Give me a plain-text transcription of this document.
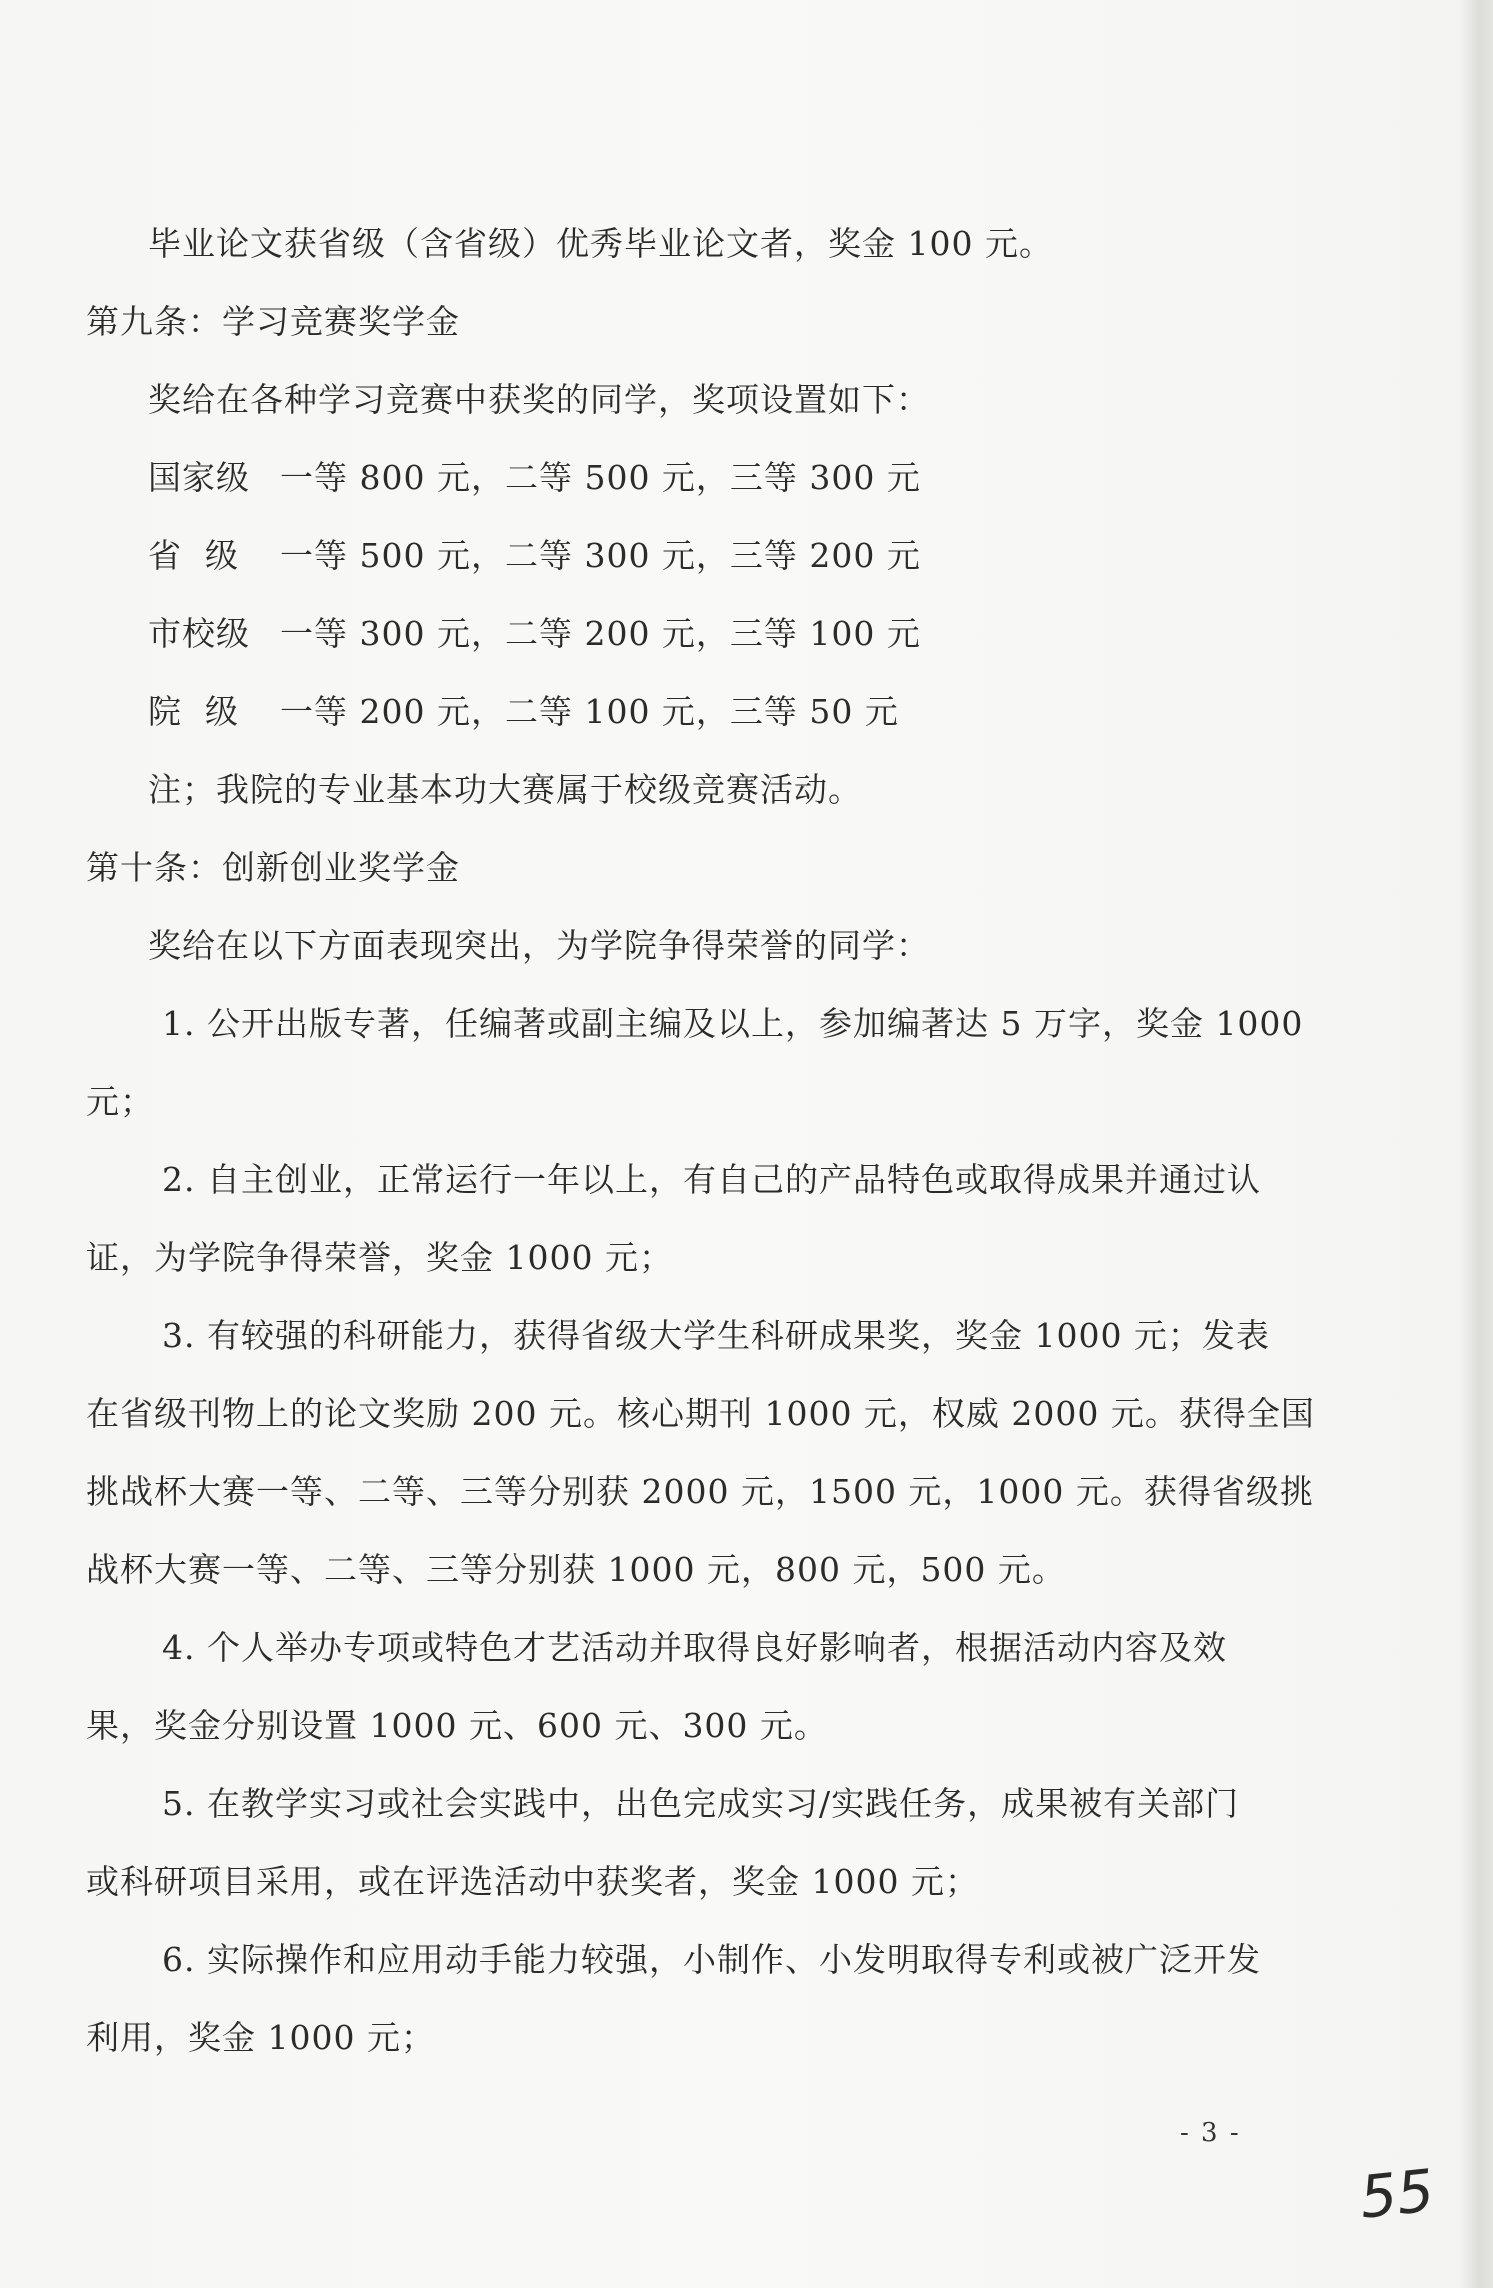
毕业论文获省级（含省级）优秀毕业论文者，奖金 100 元。

第九条：学习竞赛奖学金

奖给在各种学习竞赛中获奖的同学，奖项设置如下：

国家级 一等 800 元，二等 500 元，三等 300 元
省  级	一等 500 元，二等 300 元，三等 200 元
市校级 一等 300 元，二等 200 元，三等 100 元
院  级	一等 200 元，二等 100 元，三等 50 元

注；我院的专业基本功大赛属于校级竞赛活动。

第十条：创新创业奖学金

奖给在以下方面表现突出，为学院争得荣誉的同学：

1. 公开出版专著，任编著或副主编及以上，参加编著达 5 万字，奖金 1000

元；

2. 自主创业，正常运行一年以上，有自己的产品特色或取得成果并通过认

证，为学院争得荣誉，奖金 1000 元；

3. 有较强的科研能力，获得省级大学生科研成果奖，奖金 1000 元；发表

在省级刊物上的论文奖励 200 元。核心期刊 1000 元，权威 2000 元。获得全国

挑战杯大赛一等、二等、三等分别获 2000 元，1500 元，1000 元。获得省级挑

战杯大赛一等、二等、三等分别获 1000 元，800 元，500 元。

4. 个人举办专项或特色才艺活动并取得良好影响者，根据活动内容及效

果，奖金分别设置 1000 元、600 元、300 元。

5. 在教学实习或社会实践中，出色完成实习/实践任务，成果被有关部门

或科研项目采用，或在评选活动中获奖者，奖金 1000 元；

6. 实际操作和应用动手能力较强，小制作、小发明取得专利或被广泛开发

利用，奖金 1000 元；

- 3 -
55
